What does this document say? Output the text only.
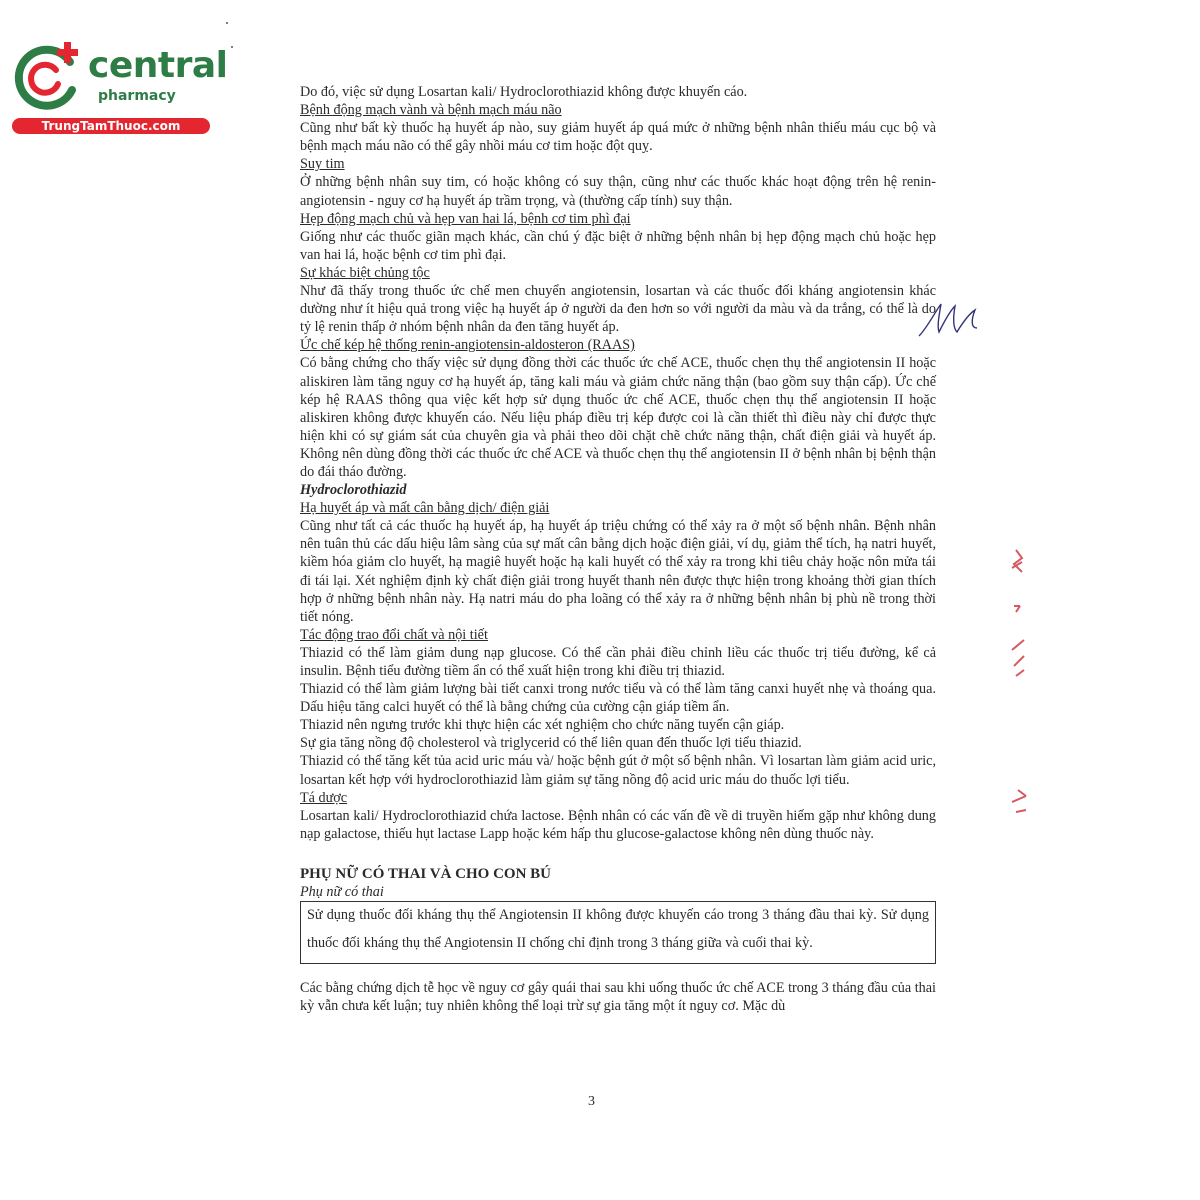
central
pharmacy
TrungTamThuoc.com

Do đó, việc sử dụng Losartan kali/ Hydroclorothiazid không được khuyến cáo.

Bệnh động mạch vành và bệnh mạch máu não

Cũng như bất kỳ thuốc hạ huyết áp nào, suy giảm huyết áp quá mức ở những bệnh nhân thiếu máu cục bộ và bệnh mạch máu não có thể gây nhồi máu cơ tim hoặc đột quỵ.

Suy tim

Ở những bệnh nhân suy tim, có hoặc không có suy thận, cũng như các thuốc khác hoạt động trên hệ renin-angiotensin - nguy cơ hạ huyết áp trầm trọng, và (thường cấp tính) suy thận.

Hẹp động mạch chủ và hẹp van hai lá, bệnh cơ tim phì đại

Giống như các thuốc giãn mạch khác, cần chú ý đặc biệt ở những bệnh nhân bị hẹp động mạch chủ hoặc hẹp van hai lá, hoặc bệnh cơ tim phì đại.

Sự khác biệt chủng tộc

Như đã thấy trong thuốc ức chế men chuyển angiotensin, losartan và các thuốc đối kháng angiotensin khác dường như ít hiệu quả trong việc hạ huyết áp ở người da đen hơn so với người da màu và da trắng, có thể là do tỷ lệ renin thấp ở nhóm bệnh nhân da đen tăng huyết áp.

Ức chế kép hệ thống renin-angiotensin-aldosteron (RAAS)

Có bằng chứng cho thấy việc sử dụng đồng thời các thuốc ức chế ACE, thuốc chẹn thụ thể angiotensin II hoặc aliskiren làm tăng nguy cơ hạ huyết áp, tăng kali máu và giảm chức năng thận (bao gồm suy thận cấp). Ức chế kép hệ RAAS thông qua việc kết hợp sử dụng thuốc ức chế ACE, thuốc chẹn thụ thể angiotensin II hoặc aliskiren không được khuyến cáo. Nếu liệu pháp điều trị kép được coi là cần thiết thì điều này chỉ được thực hiện khi có sự giám sát của chuyên gia và phải theo dõi chặt chẽ chức năng thận, chất điện giải và huyết áp. Không nên dùng đồng thời các thuốc ức chế ACE và thuốc chẹn thụ thể angiotensin II ở bệnh nhân bị bệnh thận do đái tháo đường.

Hydroclorothiazid

Hạ huyết áp và mất cân bằng dịch/ điện giải

Cũng như tất cả các thuốc hạ huyết áp, hạ huyết áp triệu chứng có thể xảy ra ở một số bệnh nhân. Bệnh nhân nên tuân thủ các dấu hiệu lâm sàng của sự mất cân bằng dịch hoặc điện giải, ví dụ, giảm thể tích, hạ natri huyết, kiềm hóa giảm clo huyết, hạ magiê huyết hoặc hạ kali huyết có thể xảy ra trong khi tiêu chảy hoặc nôn mửa tái đi tái lại. Xét nghiệm định kỳ chất điện giải trong huyết thanh nên được thực hiện trong khoảng thời gian thích hợp ở những bệnh nhân này. Hạ natri máu do pha loãng có thể xảy ra ở những bệnh nhân bị phù nề trong thời tiết nóng.

Tác động trao đổi chất và nội tiết

Thiazid có thể làm giảm dung nạp glucose. Có thể cần phải điều chỉnh liều các thuốc trị tiểu đường, kể cả insulin. Bệnh tiểu đường tiềm ẩn có thể xuất hiện trong khi điều trị thiazid.

Thiazid có thể làm giảm lượng bài tiết canxi trong nước tiểu và có thể làm tăng canxi huyết nhẹ và thoáng qua. Dấu hiệu tăng calci huyết có thể là bằng chứng của cường cận giáp tiềm ẩn.

Thiazid nên ngưng trước khi thực hiện các xét nghiệm cho chức năng tuyến cận giáp.

Sự gia tăng nồng độ cholesterol và triglycerid có thể liên quan đến thuốc lợi tiểu thiazid.

Thiazid có thể tăng kết tủa acid uric máu và/ hoặc bệnh gút ở một số bệnh nhân. Vì losartan làm giảm acid uric, losartan kết hợp với hydroclorothiazid làm giảm sự tăng nồng độ acid uric máu do thuốc lợi tiểu.

Tá dược

Losartan kali/ Hydroclorothiazid chứa lactose. Bệnh nhân có các vấn đề về di truyền hiếm gặp như không dung nạp galactose, thiếu hụt lactase Lapp hoặc kém hấp thu glucose-galactose không nên dùng thuốc này.

PHỤ NỮ CÓ THAI VÀ CHO CON BÚ

Phụ nữ có thai

Sử dụng thuốc đối kháng thụ thể Angiotensin II không được khuyến cáo trong 3 tháng đầu thai kỳ. Sử dụng thuốc đối kháng thụ thể Angiotensin II chống chỉ định trong 3 tháng giữa và cuối thai kỳ.

Các bằng chứng dịch tễ học về nguy cơ gây quái thai sau khi uống thuốc ức chế ACE trong 3 tháng đầu của thai kỳ vẫn chưa kết luận; tuy nhiên không thể loại trừ sự gia tăng một ít nguy cơ. Mặc dù

3
